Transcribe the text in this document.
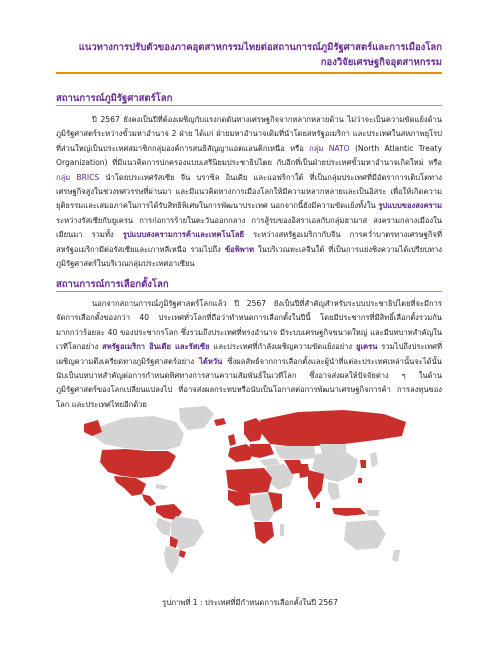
แนวทางการปรับตัวของภาคอุตสาหกรรมไทยต่อสถานการณ์ภูมิรัฐศาสตร์และการเมืองโลก
กองวิจัยเศรษฐกิจอุตสาหกรรม
สถานการณ์ภูมิรัฐศาสตร์โลก
ปี 2567 ยังคงเป็นปีที่ต้องเผชิญกับแรงกดดันทางเศรษฐกิจจากหลากหลายด้าน ไม่ว่าจะเป็นความขัดแย้งด้านภูมิรัฐศาสตร์ระหว่างขั้วมหาอำนาจ 2 ฝ่าย ได้แก่ ฝ่ายมหาอำนาจเดิมที่นำโดยสหรัฐอเมริกา และประเทศในสหภาพยุโรปที่ส่วนใหญ่เป็นประเทศสมาชิกกลุ่มองค์การสนธิสัญญาแอตแลนติกเหนือ หรือ กลุ่ม NATO (North Atlantic Treaty Organization) ที่มีแนวคิดการปกครองแบบเสรีนิยมประชาธิปไตย กับอีกที่เป็นฝ่ายประเทศขั้วมหาอำนาจเกิดใหม่ หรือ กลุ่ม BRICS นำโดยประเทศรัสเซีย จีน บราซิล อินเดีย และแอฟริกาใต้ ที่เป็นกลุ่มประเทศที่มีอัตราการเติบโตทางเศรษฐกิจสูงในช่วงทศวรรษที่ผ่านมา และมีแนวคิดทางการเมืองโลกให้มีความหลากหลายและเป็นอิสระ เพื่อให้เกิดความยุติธรรมและเสมอภาคในการได้รับสิทธิพิเศษในการพัฒนาประเทศ นอกจากนี้ยังมีความขัดแย้งทั้งใน รูปแบบของสงคราม ระหว่างรัสเซียกับยูเครน การก่อการร้ายในตะวันออกกลาง การสู้รบของอิสราเอลกับกลุ่มฮามาส สงครามกลางเมืองในเมียนมา รวมทั้ง รูปแบบสงครามการค้าและเทคโนโลยี ระหว่างสหรัฐอเมริกากับจีน การคว่ำบาตรทางเศรษฐกิจที่สหรัฐอเมริกามีต่อรัสเซียและเกาหลีเหนือ รวมไปถึง ข้อพิพาท ในบริเวณทะเลจีนใต้ ที่เป็นการแย่งชิงความได้เปรียบทางภูมิรัฐศาสตร์ในบริเวณกลุ่มประเทศอาเซียน
สถานการณ์การเลือกตั้งโลก
นอกจากสถานการณ์ภูมิรัฐศาสตร์โลกแล้ว ปี 2567 ยังเป็นปีที่สำคัญสำหรับระบบประชาธิปไตยที่จะมีการจัดการเลือกตั้งของกว่า 40 ประเทศทั่วโลกที่ถือว่าทำหนดการเลือกตั้งในปีนี้ โดยมีประชากรที่มีสิทธิ์เลือกตั้งรวมกันมากกว่าร้อยละ 40 ของประชากรโลก ซึ่งรวมถึงประเทศที่ทรงอำนาจ มีระบบเศรษฐกิจขนาดใหญ่ และมีบทบาทสำคัญในเวทีโลกอย่าง สหรัฐอเมริกา อินเดีย และรัสเซีย และประเทศที่กำลังเผชิญความขัดแย้งอย่าง ยูเครน รวมไปถึงประเทศที่เผชิญความตึงเครียดทางภูมิรัฐศาสตร์อย่าง ไต้หวัน ซึ่งผลลัพธ์จากการเลือกตั้งและผู้นำที่แต่ละประเทศเหล่านั้นจะได้นั้น นับเป็นบทบาทสำคัญต่อการกำหนดทิศทางการสานความสัมพันธ์ในเวทีโลก ซึ่งอาจส่งผลให้ปัจจัยต่าง ๆ ในด้านภูมิรัฐศาสตร์ของโลกเปลี่ยนแปลงไป ที่อาจส่งผลกระทบหรือนับเป็นโอกาสต่อการพัฒนาเศรษฐกิจการค้า การลงทุนของโลก และประเทศไทยอีกด้วย
รูปภาพที่ 1 : ประเทศที่มีกำหนดการเลือกตั้งในปี 2567
